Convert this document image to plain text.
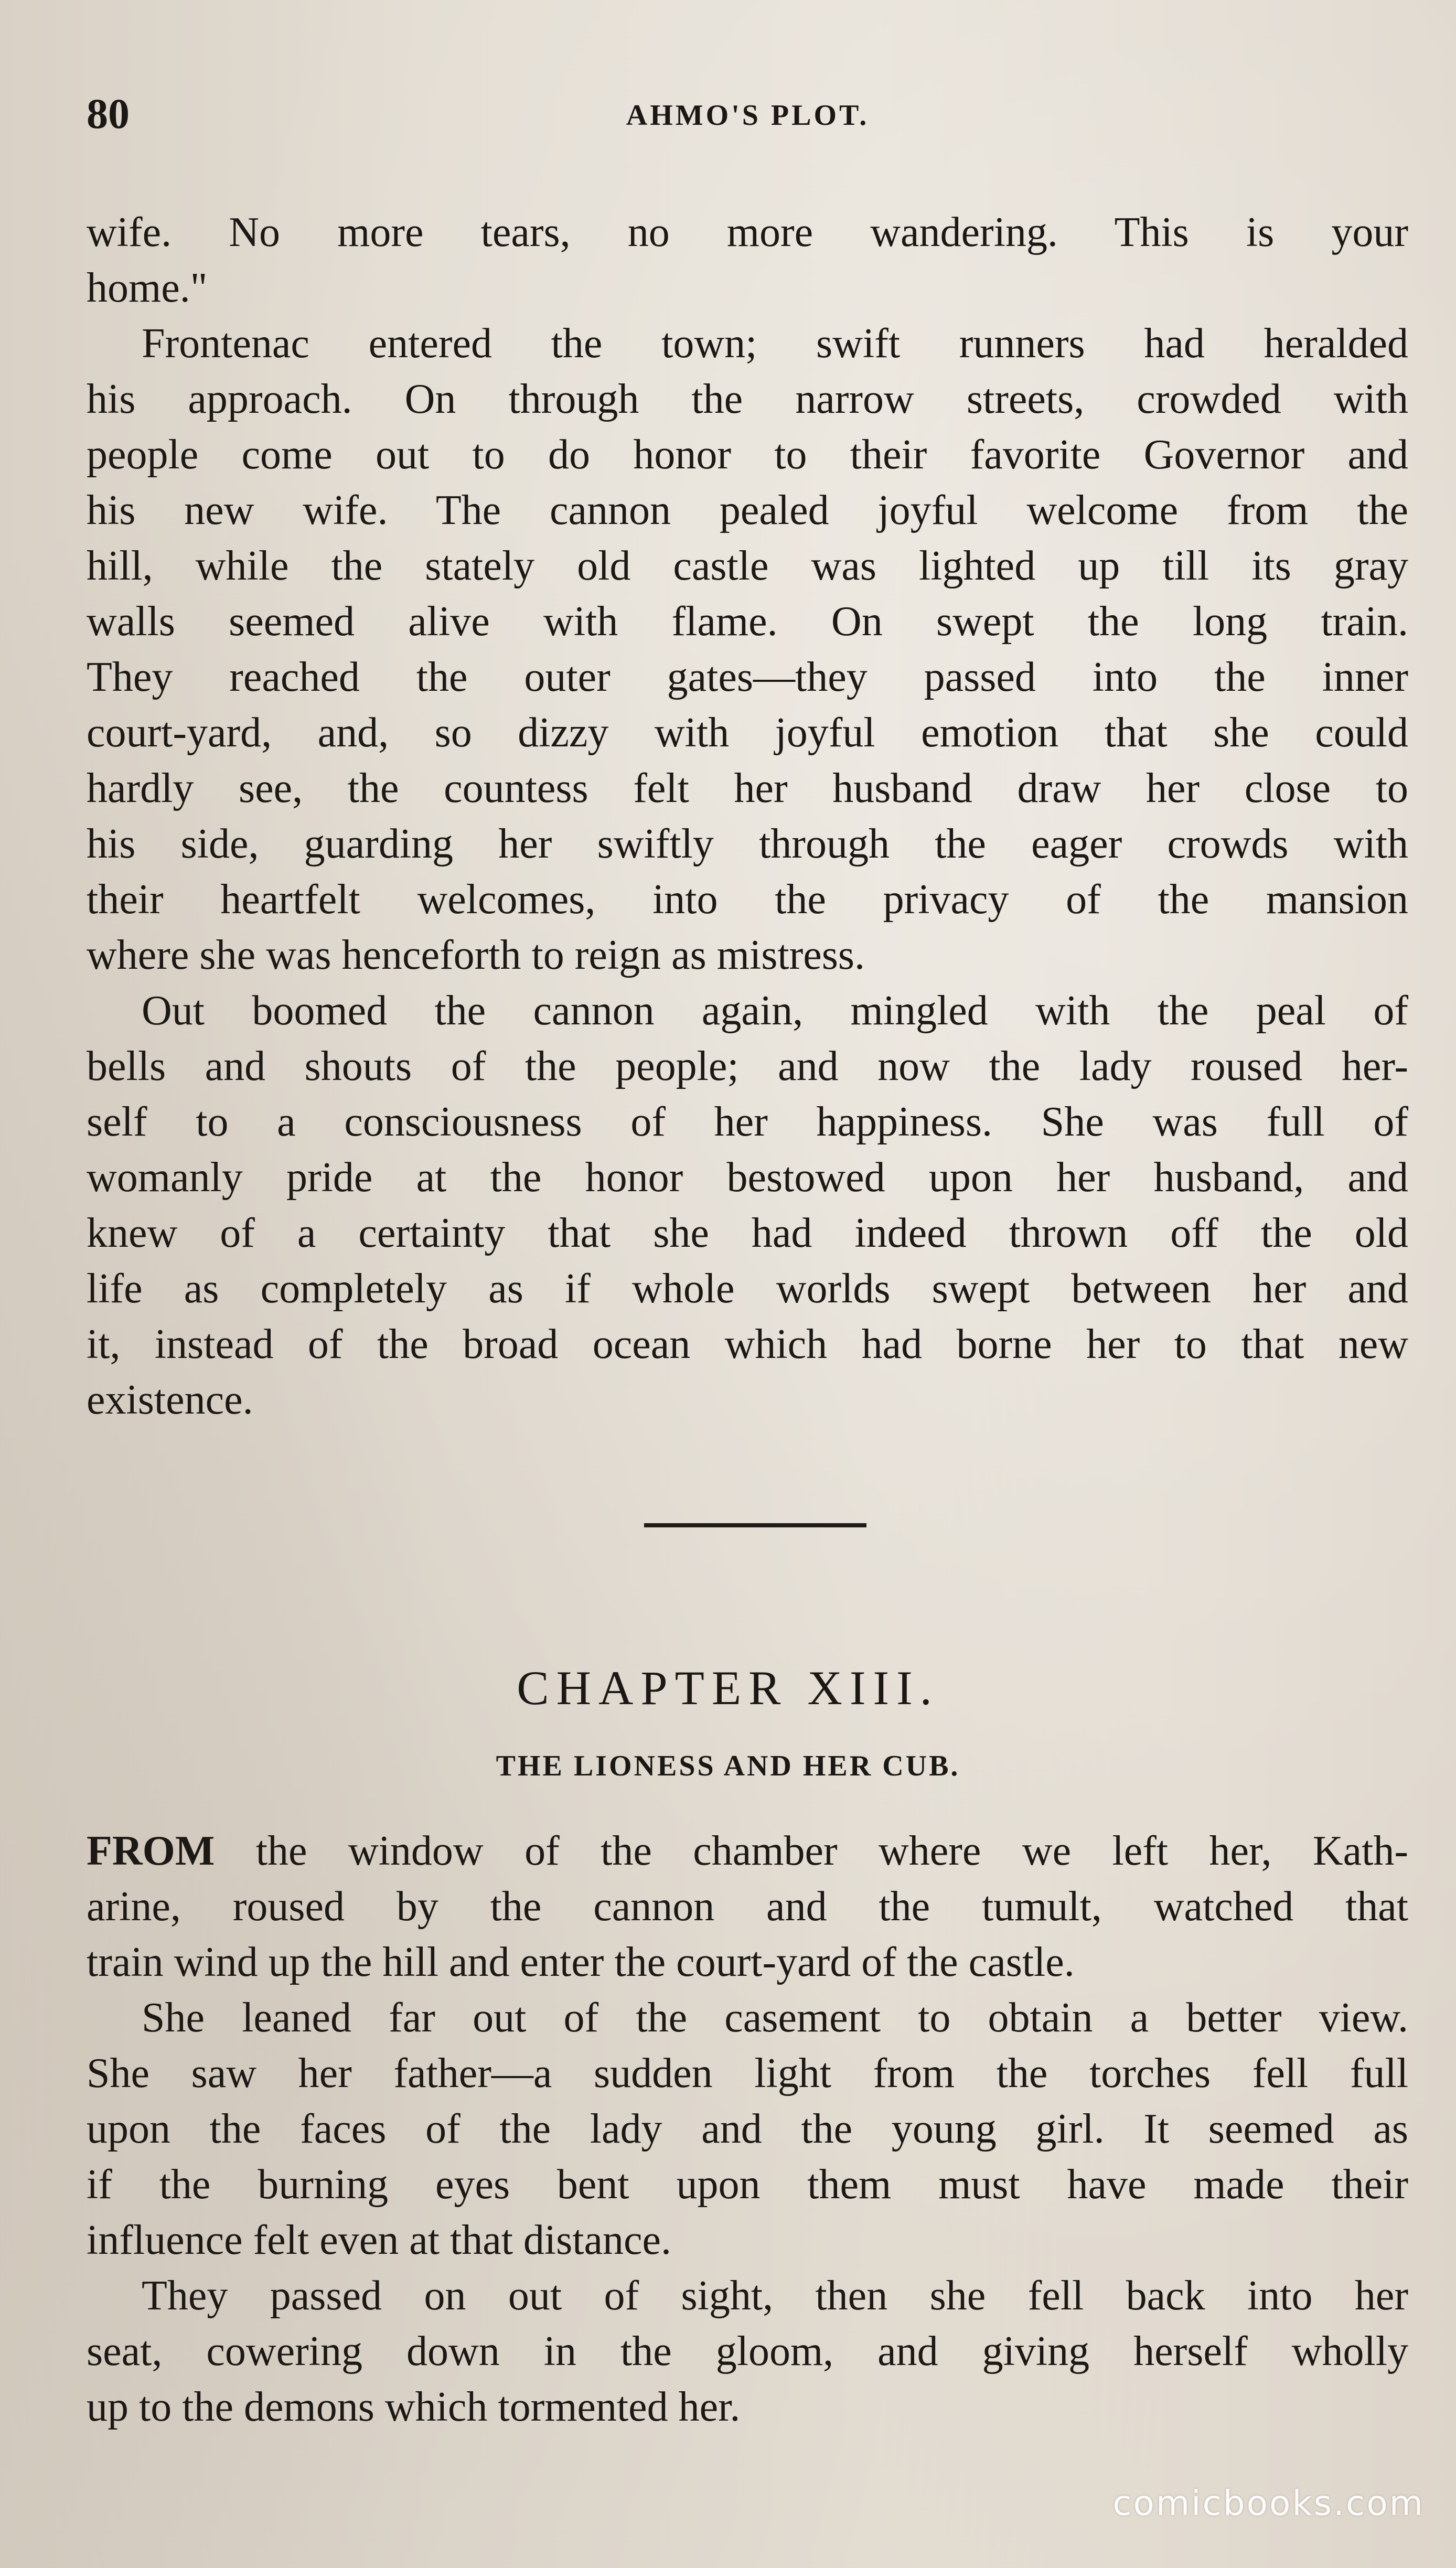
80	AHMO'S PLOT.
wife. No more tears, no more wandering. This is your
home."
Frontenac entered the town; swift runners had heralded
his approach. On through the narrow streets, crowded with
people come out to do honor to their favorite Governor and
his new wife. The cannon pealed joyful welcome from the
hill, while the stately old castle was lighted up till its gray
walls seemed alive with flame. On swept the long train.
They reached the outer gates—they passed into the inner
court-yard, and, so dizzy with joyful emotion that she could
hardly see, the countess felt her husband draw her close to
his side, guarding her swiftly through the eager crowds with
their heartfelt welcomes, into the privacy of the mansion
where she was henceforth to reign as mistress.
Out boomed the cannon again, mingled with the peal of
bells and shouts of the people; and now the lady roused her-
self to a consciousness of her happiness. She was full of
womanly pride at the honor bestowed upon her husband, and
knew of a certainty that she had indeed thrown off the old
life as completely as if whole worlds swept between her and
it, instead of the broad ocean which had borne her to that new
existence.
CHAPTER XIII.
THE LIONESS AND HER CUB.
FROM the window of the chamber where we left her, Kath-
arine, roused by the cannon and the tumult, watched that
train wind up the hill and enter the court-yard of the castle.
She leaned far out of the casement to obtain a better view.
She saw her father—a sudden light from the torches fell full
upon the faces of the lady and the young girl. It seemed as
if the burning eyes bent upon them must have made their
influence felt even at that distance.
They passed on out of sight, then she fell back into her
seat, cowering down in the gloom, and giving herself wholly
up to the demons which tormented her.
comicbooks.com
